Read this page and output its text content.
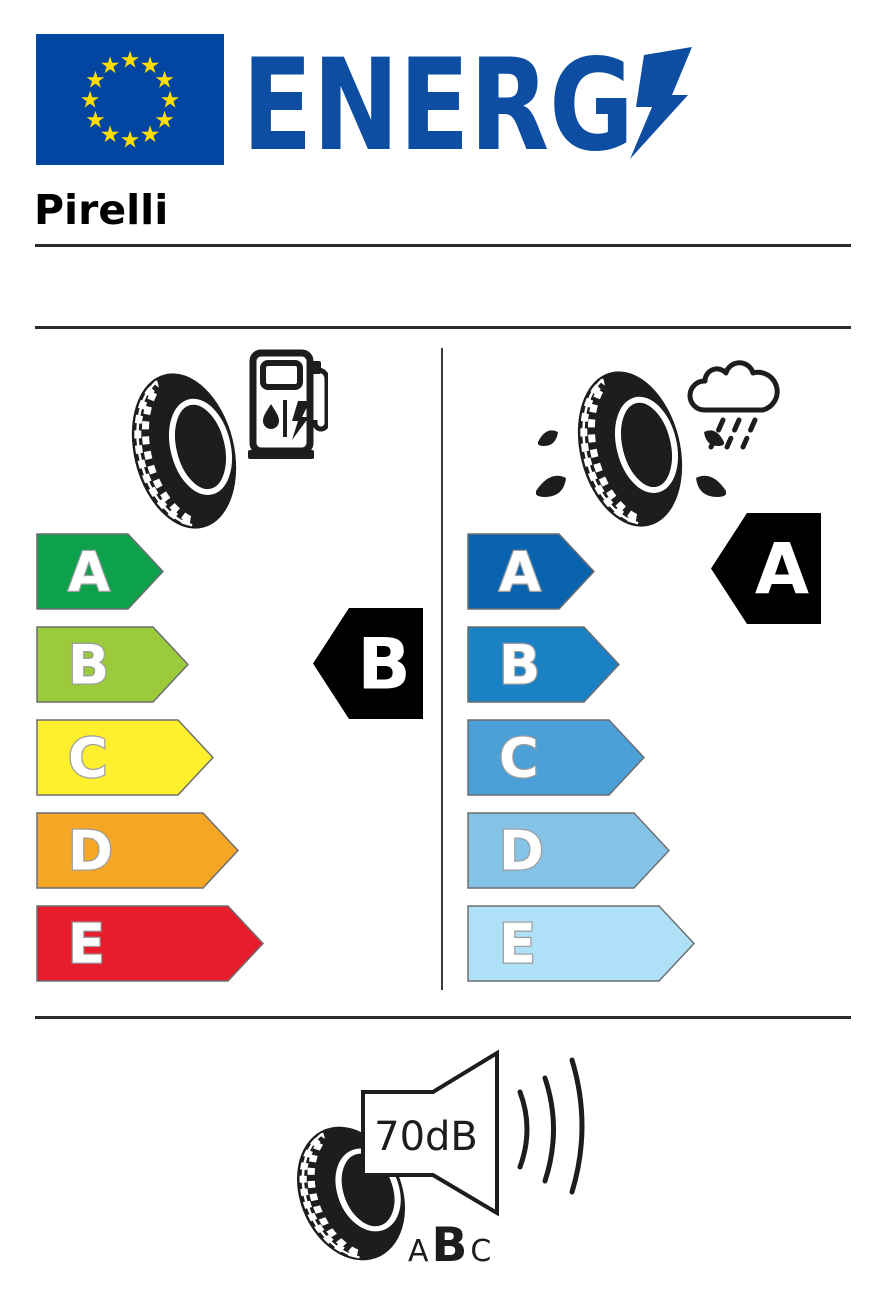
★ ★
★
★
★
★
★
★
★
★
★
★ ENERG
Pirelli
A
B
C
D
E
A
B
C
D
E
B
A
70dB
A B C
